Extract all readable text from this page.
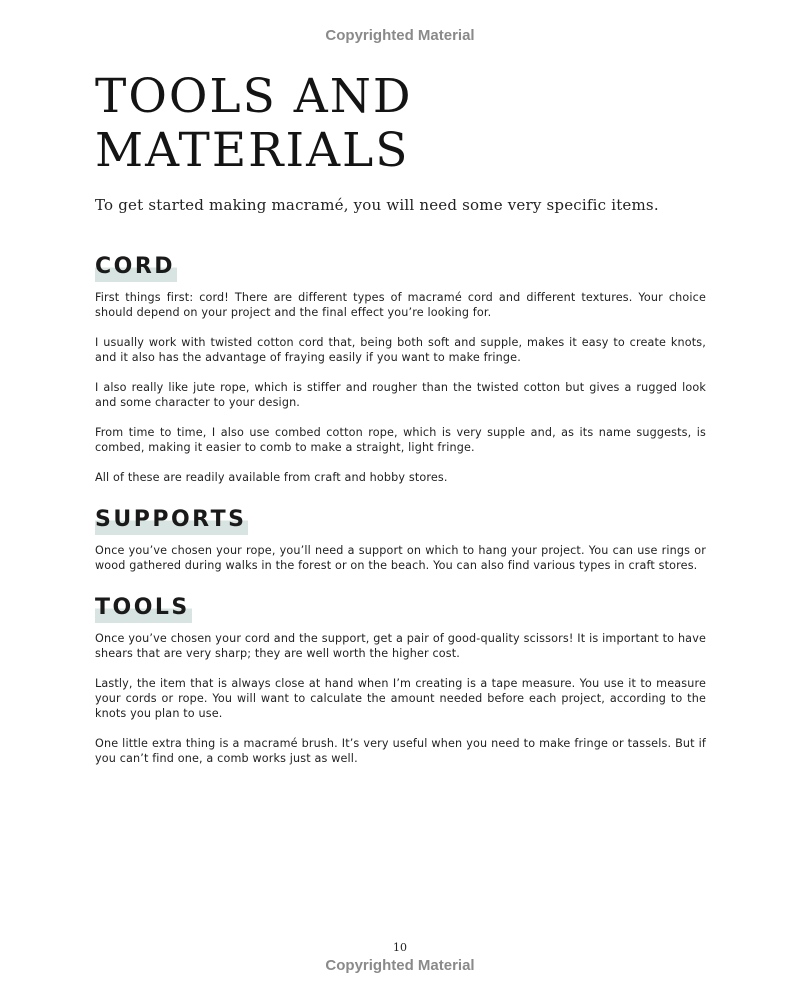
Copyrighted Material
TOOLS AND
MATERIALS

To get started making macramé, you will need some very specific items.

CORD

First things first: cord! There are different types of macramé cord and different textures. Your choice should depend on your project and the final effect you’re looking for.

I usually work with twisted cotton cord that, being both soft and supple, makes it easy to create knots, and it also has the advantage of fraying easily if you want to make fringe.

I also really like jute rope, which is stiffer and rougher than the twisted cotton but gives a rugged look and some character to your design.

From time to time, I also use combed cotton rope, which is very supple and, as its name suggests, is combed, making it easier to comb to make a straight, light fringe.

All of these are readily available from craft and hobby stores.

SUPPORTS

Once you’ve chosen your rope, you’ll need a support on which to hang your project. You can use rings or wood gathered during walks in the forest or on the beach. You can also find various types in craft stores.

TOOLS

Once you’ve chosen your cord and the support, get a pair of good-quality scissors! It is important to have shears that are very sharp; they are well worth the higher cost.

Lastly, the item that is always close at hand when I’m creating is a tape measure. You use it to measure your cords or rope. You will want to calculate the amount needed before each project, according to the knots you plan to use.

One little extra thing is a macramé brush. It’s very useful when you need to make fringe or tassels. But if you can’t find one, a comb works just as well.

10
Copyrighted Material
